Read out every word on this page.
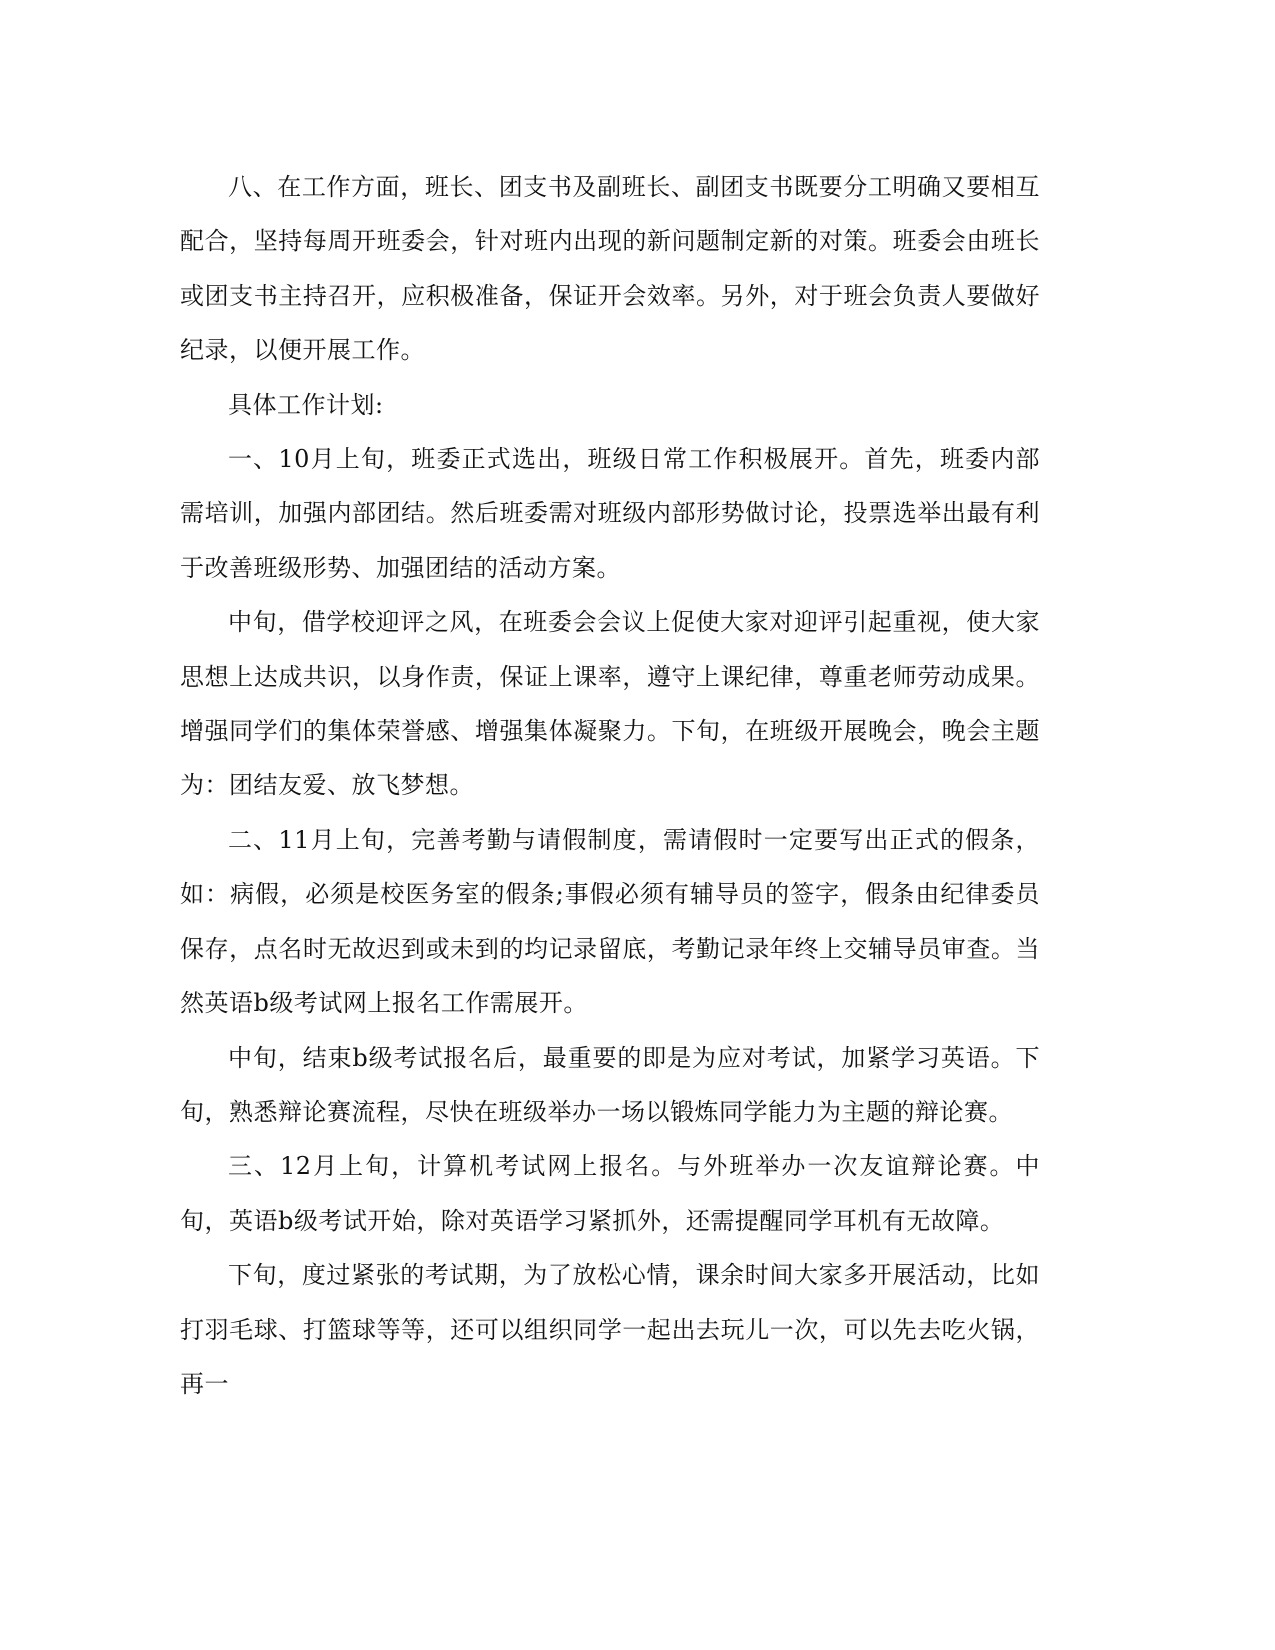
八、在工作方面，班长、团支书及副班长、副团支书既要分工明确又要相互配合，坚持每周开班委会，针对班内出现的新问题制定新的对策。班委会由班长或团支书主持召开，应积极准备，保证开会效率。另外，对于班会负责人要做好纪录，以便开展工作。

具体工作计划:

一、10月上旬，班委正式选出，班级日常工作积极展开。首先，班委内部需培训，加强内部团结。然后班委需对班级内部形势做讨论，投票选举出最有利于改善班级形势、加强团结的活动方案。

中旬，借学校迎评之风，在班委会会议上促使大家对迎评引起重视，使大家思想上达成共识，以身作责，保证上课率，遵守上课纪律，尊重老师劳动成果。增强同学们的集体荣誉感、增强集体凝聚力。下旬，在班级开展晚会，晚会主题为：团结友爱、放飞梦想。

二、11月上旬，完善考勤与请假制度，需请假时一定要写出正式的假条，如：病假，必须是校医务室的假条;事假必须有辅导员的签字，假条由纪律委员保存，点名时无故迟到或未到的均记录留底，考勤记录年终上交辅导员审查。当然英语b级考试网上报名工作需展开。

中旬，结束b级考试报名后，最重要的即是为应对考试，加紧学习英语。下旬，熟悉辩论赛流程，尽快在班级举办一场以锻炼同学能力为主题的辩论赛。

三、12月上旬，计算机考试网上报名。与外班举办一次友谊辩论赛。中旬，英语b级考试开始，除对英语学习紧抓外，还需提醒同学耳机有无故障。

下旬，度过紧张的考试期，为了放松心情，课余时间大家多开展活动，比如打羽毛球、打篮球等等，还可以组织同学一起出去玩儿一次，可以先去吃火锅，再一
